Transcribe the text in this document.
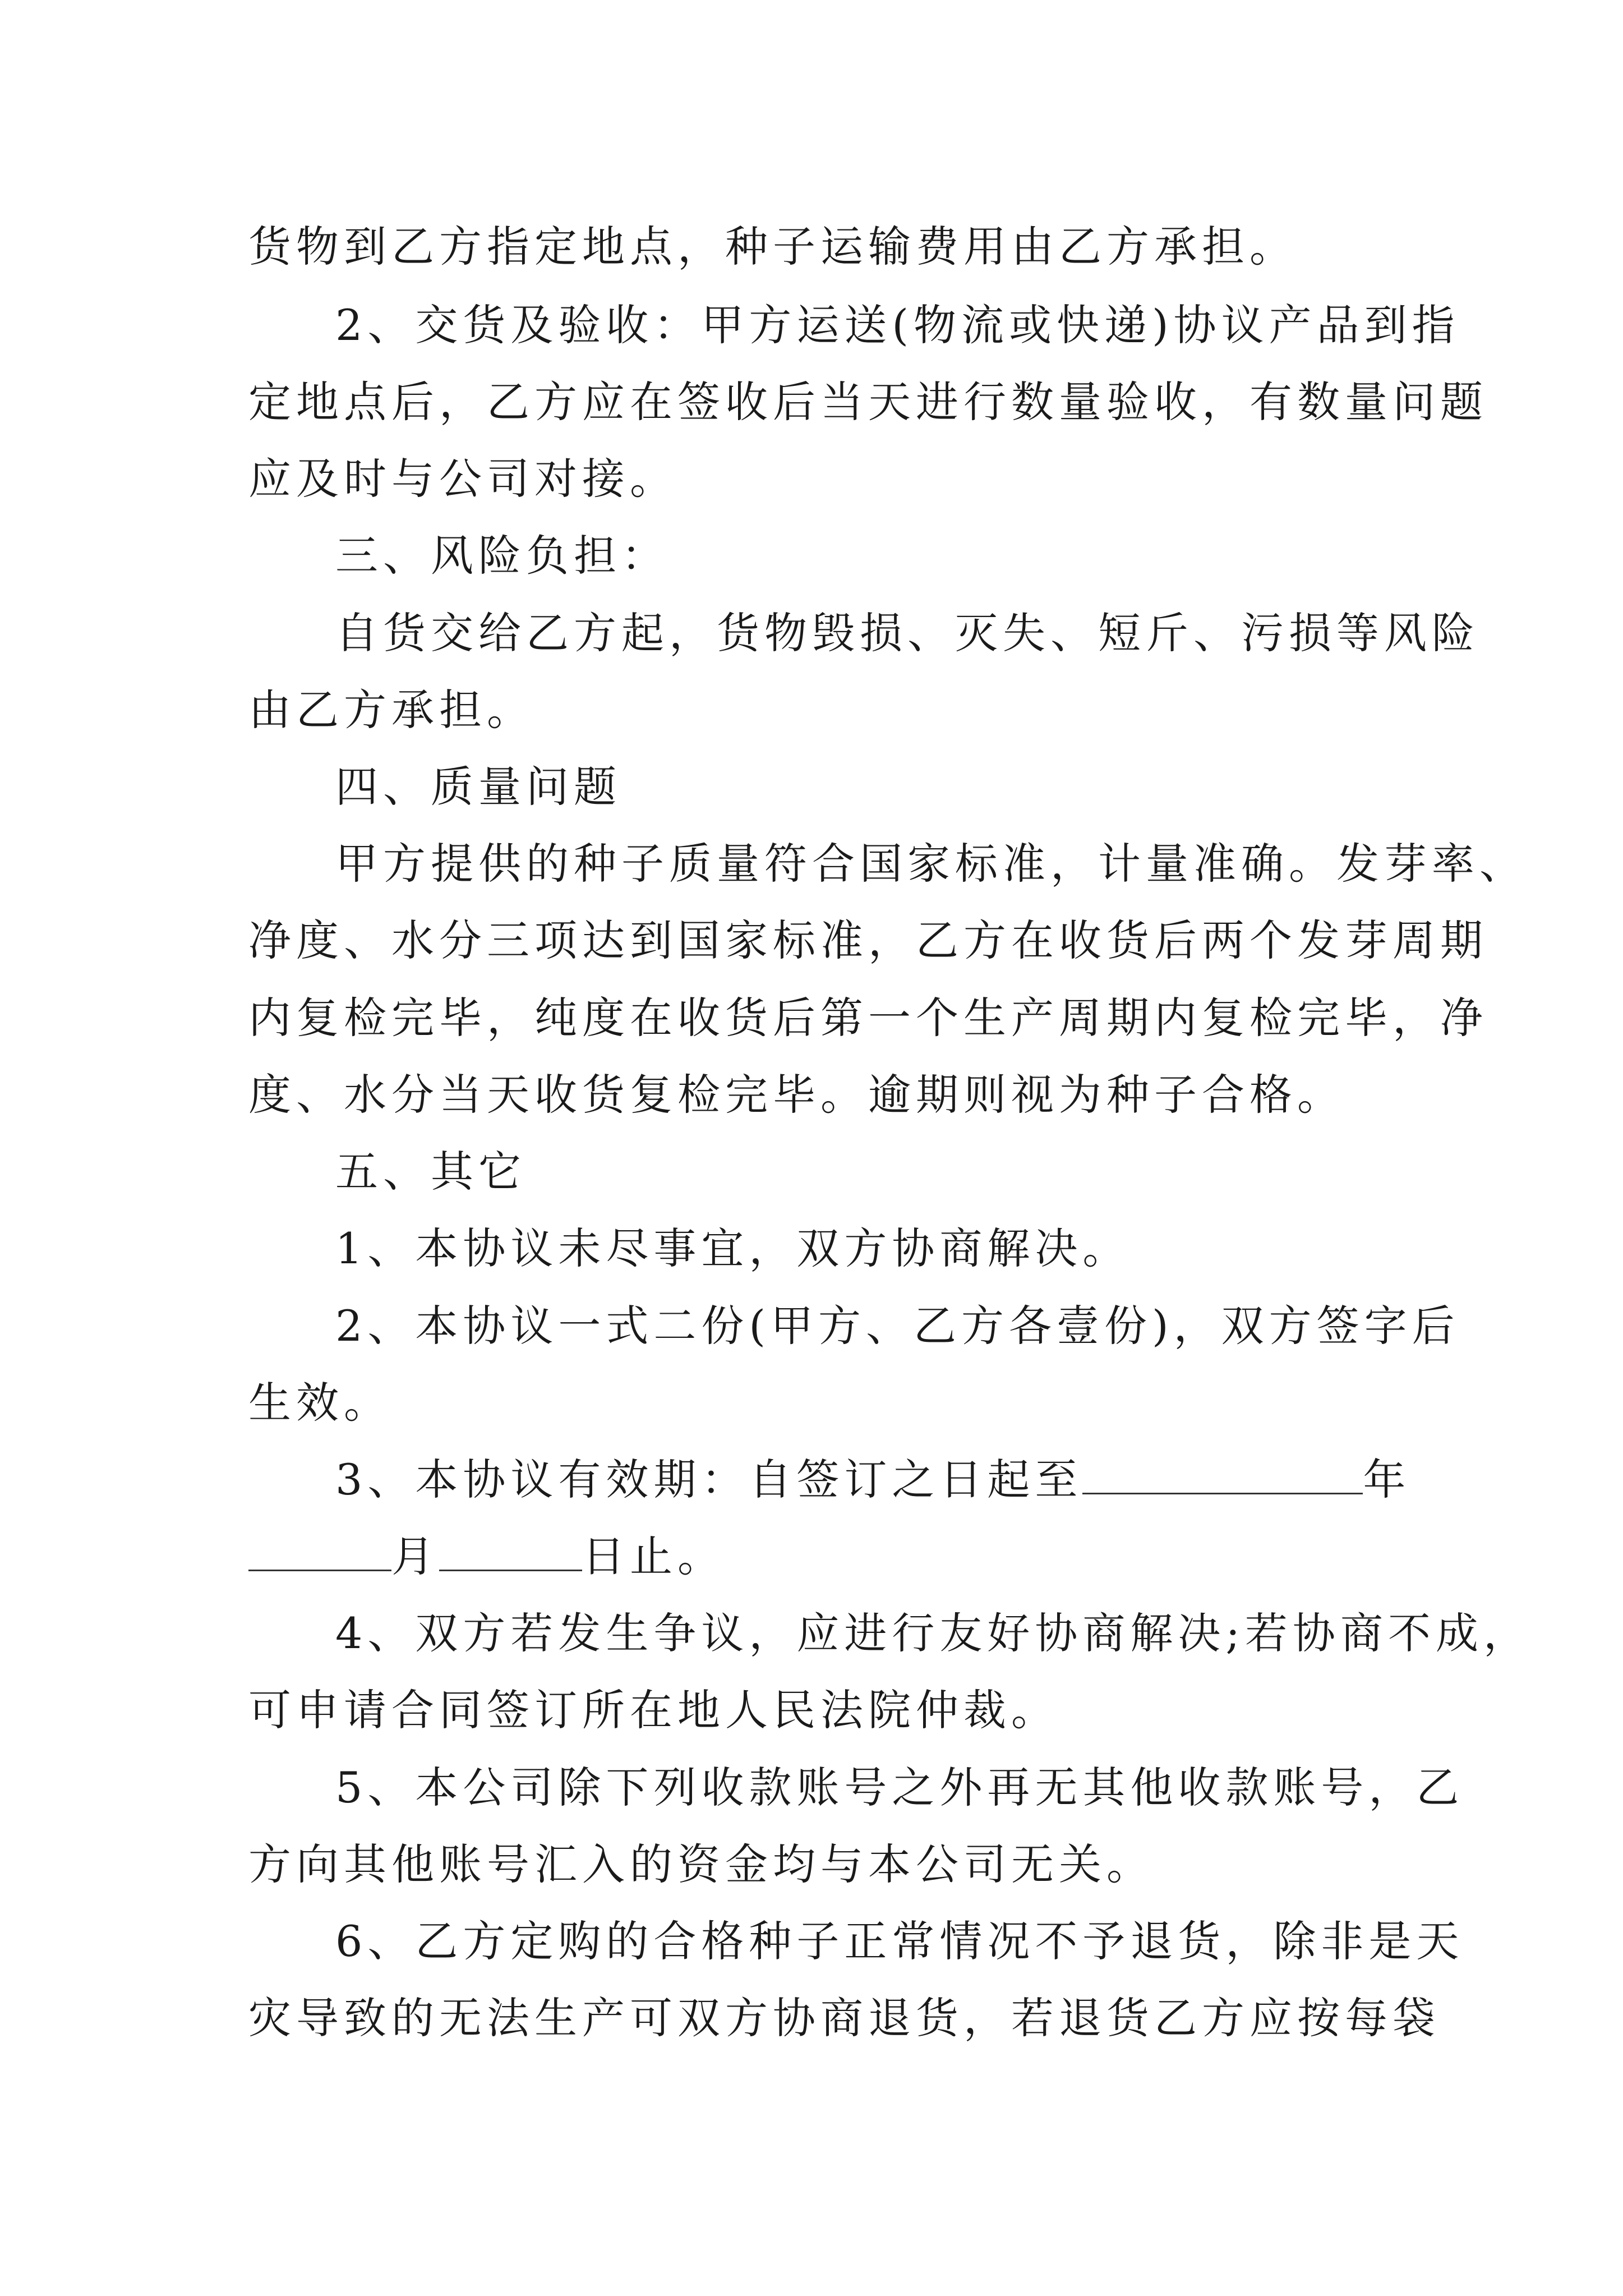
货物到乙方指定地点，种子运输费用由乙方承担。
2、交货及验收：甲方运送(物流或快递)协议产品到指
定地点后，乙方应在签收后当天进行数量验收，有数量问题
应及时与公司对接。
三、风险负担：
自货交给乙方起，货物毁损、灭失、短斤、污损等风险
由乙方承担。
四、质量问题
甲方提供的种子质量符合国家标准，计量准确。发芽率、
净度、水分三项达到国家标准，乙方在收货后两个发芽周期
内复检完毕，纯度在收货后第一个生产周期内复检完毕，净
度、水分当天收货复检完毕。逾期则视为种子合格。
五、其它
1、本协议未尽事宜，双方协商解决。
2、本协议一式二份(甲方、乙方各壹份)，双方签字后
生效。
3、本协议有效期：自签订之日起至	年
月	日止。
4、双方若发生争议，应进行友好协商解决;若协商不成，
可申请合同签订所在地人民法院仲裁。
5、本公司除下列收款账号之外再无其他收款账号，乙
方向其他账号汇入的资金均与本公司无关。
6、乙方定购的合格种子正常情况不予退货，除非是天
灾导致的无法生产可双方协商退货，若退货乙方应按每袋
